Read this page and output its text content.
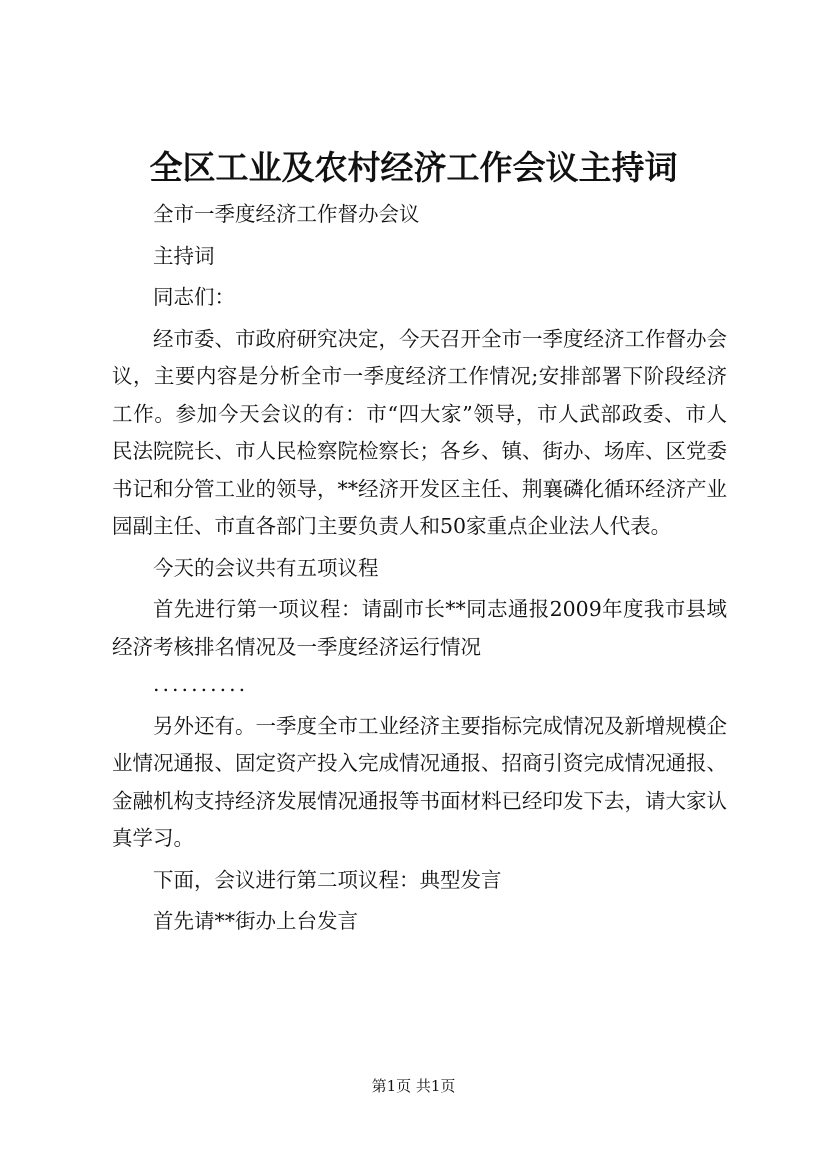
全区工业及农村经济工作会议主持词

全市一季度经济工作督办会议

主持词

同志们：

经市委、市政府研究决定，今天召开全市一季度经济工作督办会议，主要内容是分析全市一季度经济工作情况;安排部署下阶段经济工作。参加今天会议的有：市“四大家”领导，市人武部政委、市人民法院院长、市人民检察院检察长；各乡、镇、街办、场库、区党委书记和分管工业的领导，**经济开发区主任、荆襄磷化循环经济产业园副主任、市直各部门主要负责人和50家重点企业法人代表。

今天的会议共有五项议程

首先进行第一项议程：请副市长**同志通报2009年度我市县域经济考核排名情况及一季度经济运行情况

..........

另外还有。一季度全市工业经济主要指标完成情况及新增规模企业情况通报、固定资产投入完成情况通报、招商引资完成情况通报、金融机构支持经济发展情况通报等书面材料已经印发下去，请大家认真学习。

下面，会议进行第二项议程：典型发言

首先请**街办上台发言

第1页 共1页
